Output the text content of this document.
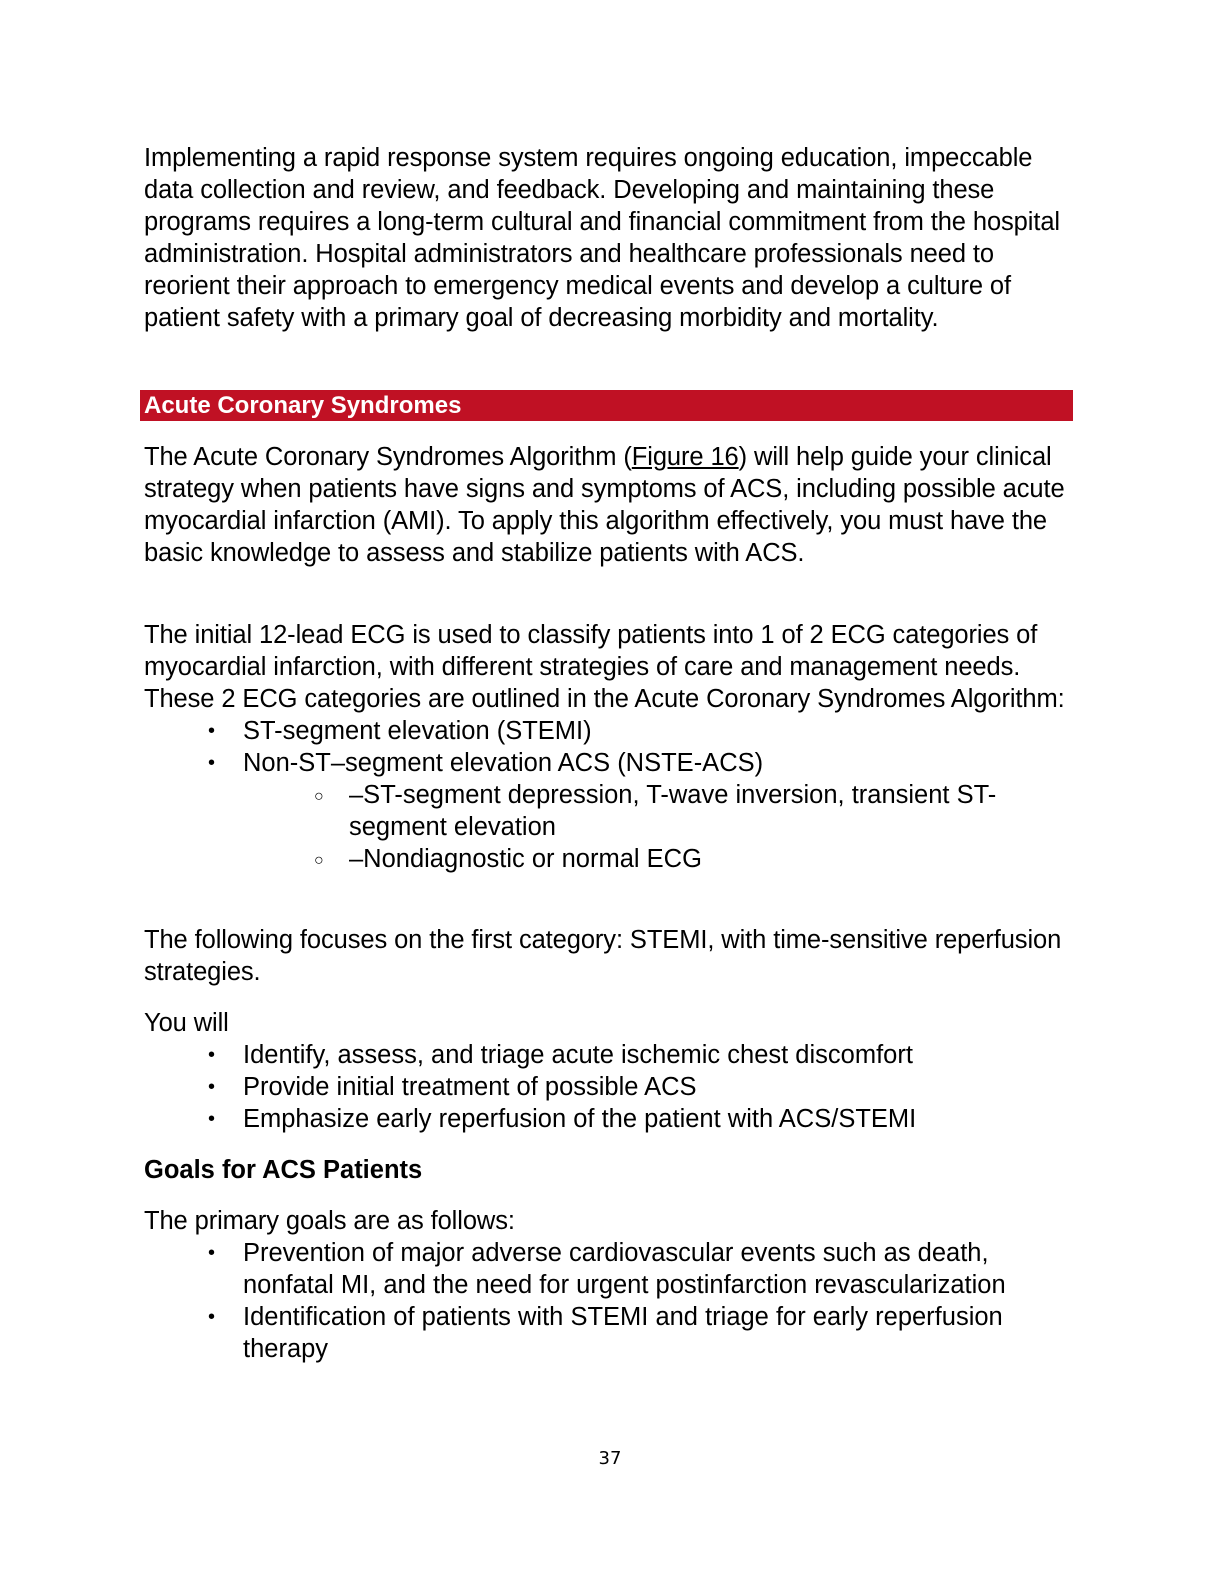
Implementing a rapid response system requires ongoing education, impeccable data collection and review, and feedback. Developing and maintaining these programs requires a long-term cultural and financial commitment from the hospital administration. Hospital administrators and healthcare professionals need to reorient their approach to emergency medical events and develop a culture of patient safety with a primary goal of decreasing morbidity and mortality.

Acute Coronary Syndromes

The Acute Coronary Syndromes Algorithm (Figure 16) will help guide your clinical strategy when patients have signs and symptoms of ACS, including possible acute myocardial infarction (AMI). To apply this algorithm effectively, you must have the basic knowledge to assess and stabilize patients with ACS.

The initial 12-lead ECG is used to classify patients into 1 of 2 ECG categories of myocardial infarction, with different strategies of care and management needs. These 2 ECG categories are outlined in the Acute Coronary Syndromes Algorithm:

• ST-segment elevation (STEMI)
• Non-ST–segment elevation ACS (NSTE-ACS)
○ –ST-segment depression, T-wave inversion, transient ST-segment elevation
○ –Nondiagnostic or normal ECG

The following focuses on the first category: STEMI, with time-sensitive reperfusion strategies.

You will

• Identify, assess, and triage acute ischemic chest discomfort
• Provide initial treatment of possible ACS
• Emphasize early reperfusion of the patient with ACS/STEMI
Goals for ACS Patients

The primary goals are as follows:

• Prevention of major adverse cardiovascular events such as death, nonfatal MI, and the need for urgent postinfarction revascularization
• Identification of patients with STEMI and triage for early reperfusion therapy
37
